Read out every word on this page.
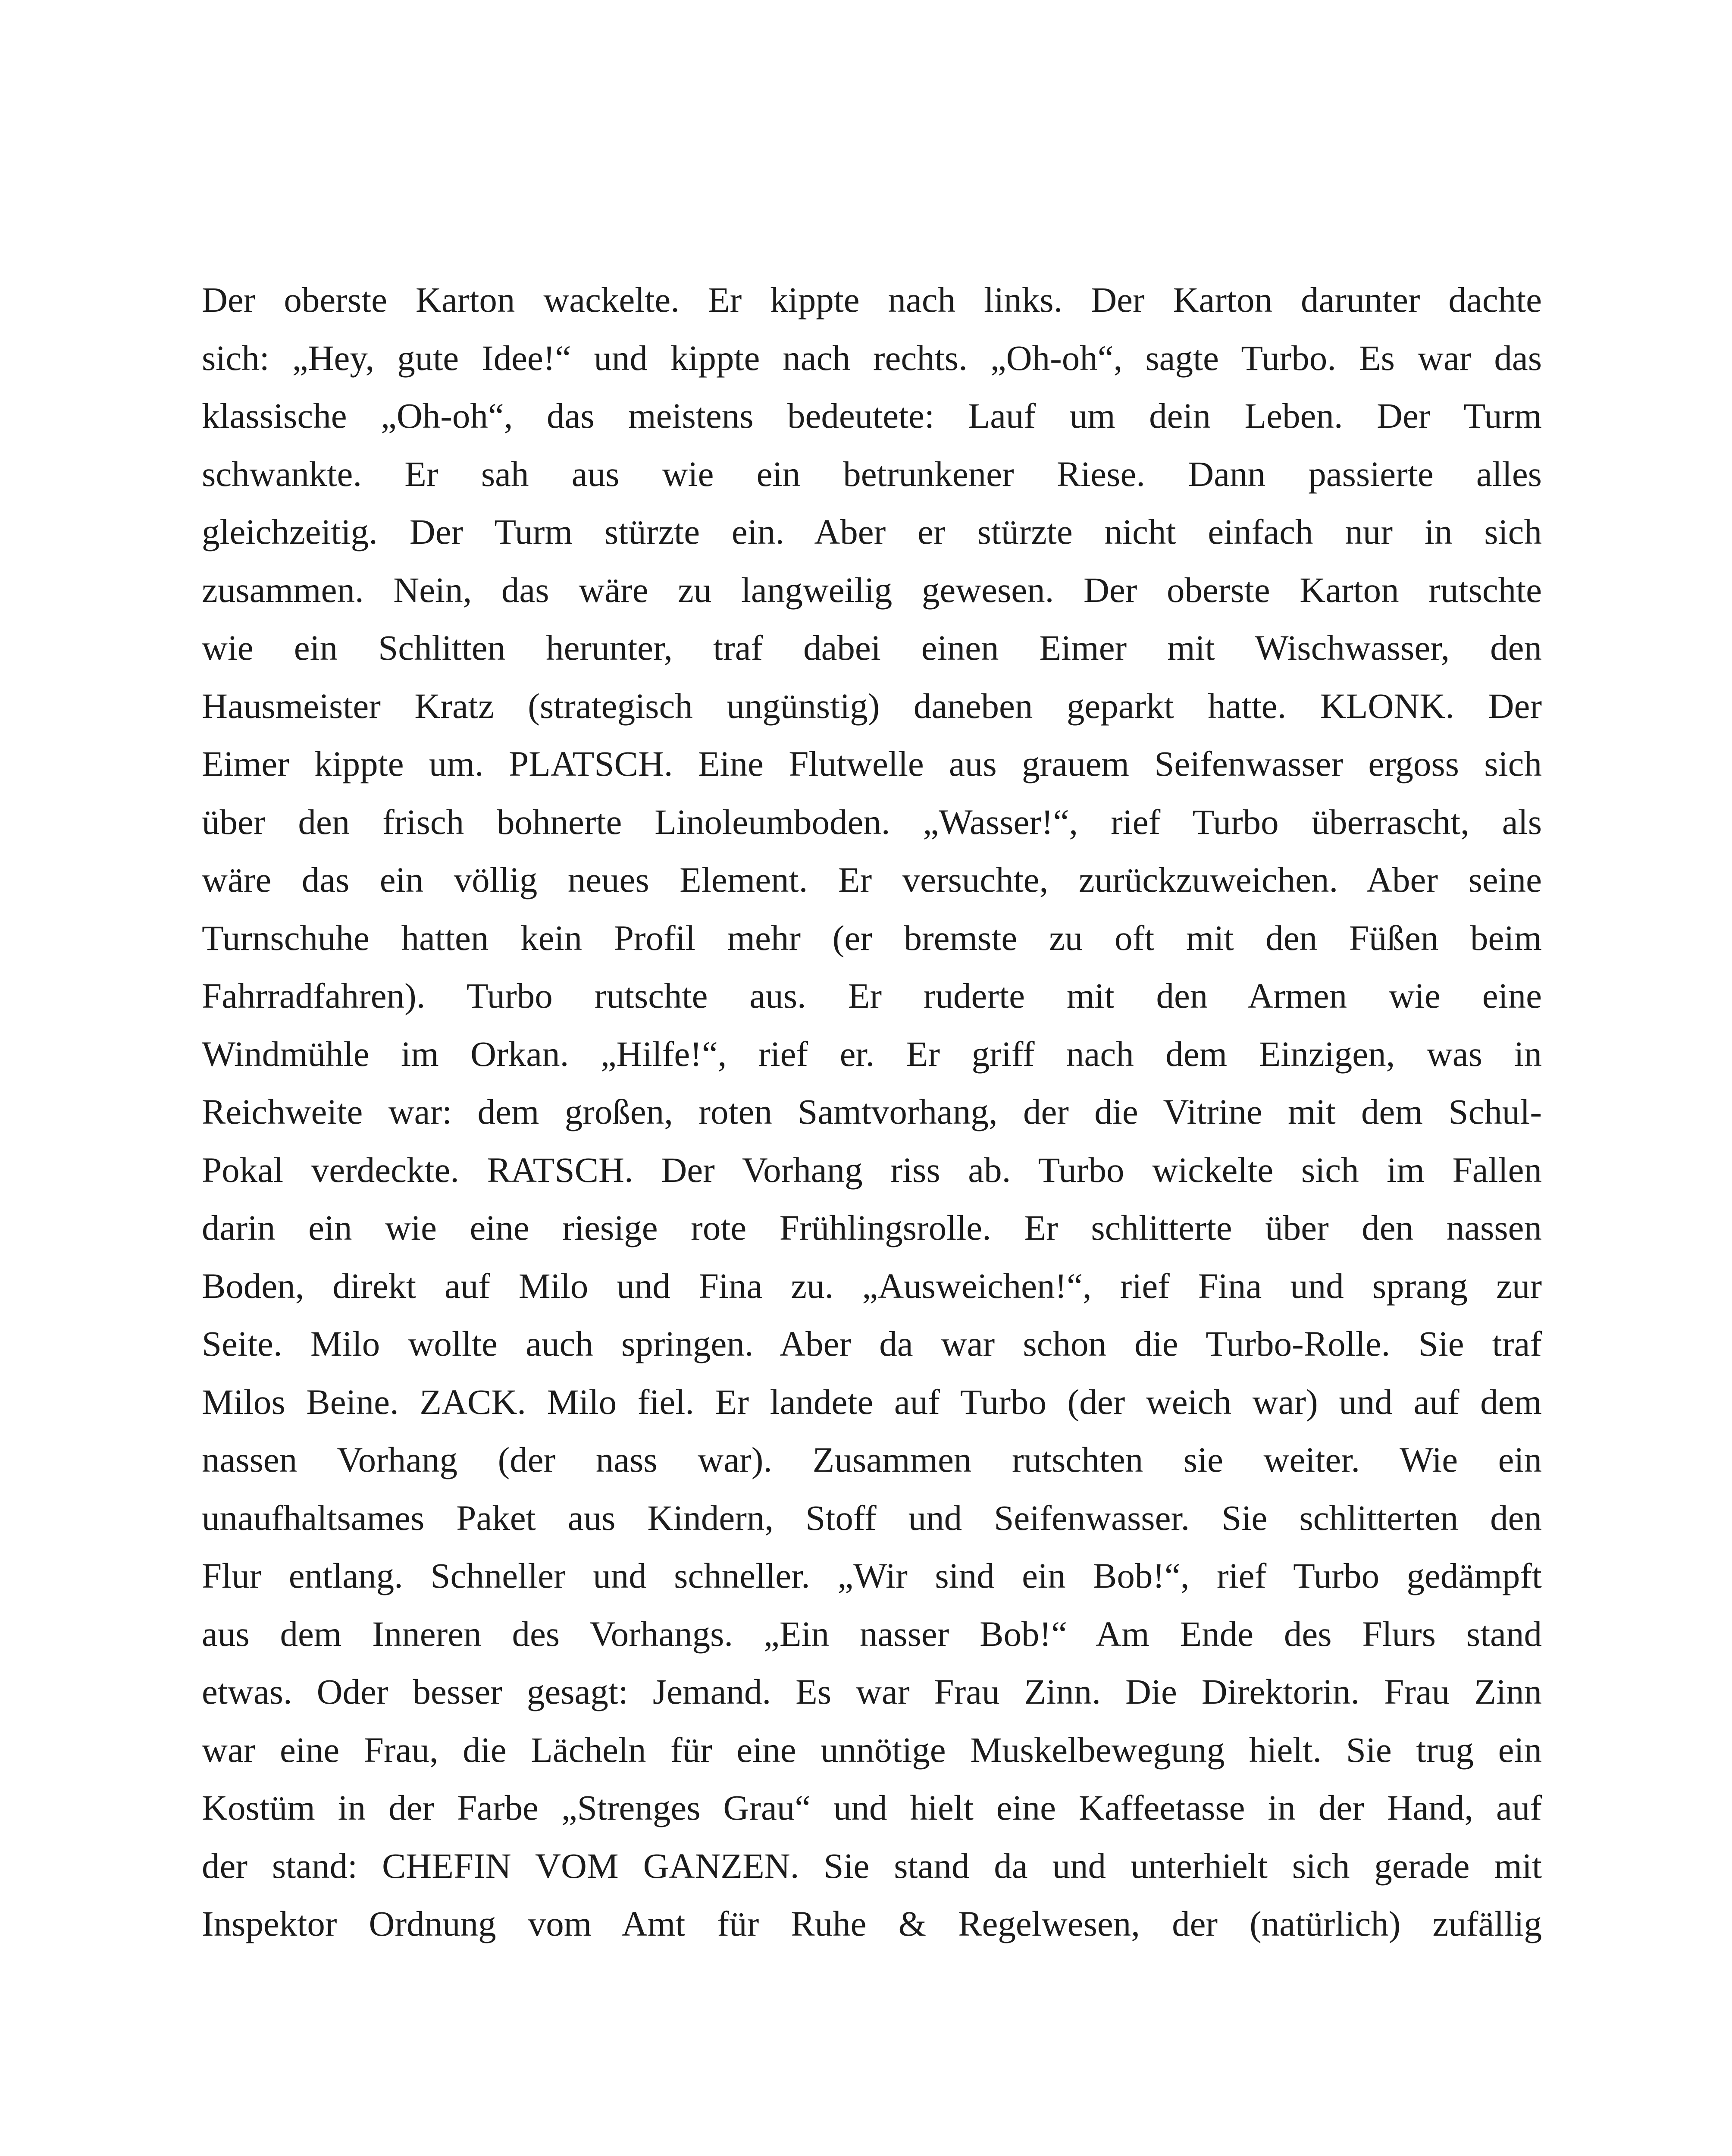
Der oberste Karton wackelte. Er kippte nach links. Der Karton darunter dachte
sich: „Hey, gute Idee!“ und kippte nach rechts. „Oh-oh“, sagte Turbo. Es war das
klassische „Oh-oh“, das meistens bedeutete: Lauf um dein Leben. Der Turm
schwankte. Er sah aus wie ein betrunkener Riese. Dann passierte alles
gleichzeitig. Der Turm stürzte ein. Aber er stürzte nicht einfach nur in sich
zusammen. Nein, das wäre zu langweilig gewesen. Der oberste Karton rutschte
wie ein Schlitten herunter, traf dabei einen Eimer mit Wischwasser, den
Hausmeister Kratz (strategisch ungünstig) daneben geparkt hatte. KLONK. Der
Eimer kippte um. PLATSCH. Eine Flutwelle aus grauem Seifenwasser ergoss sich
über den frisch bohnerte Linoleumboden. „Wasser!“, rief Turbo überrascht, als
wäre das ein völlig neues Element. Er versuchte, zurückzuweichen. Aber seine
Turnschuhe hatten kein Profil mehr (er bremste zu oft mit den Füßen beim
Fahrradfahren). Turbo rutschte aus. Er ruderte mit den Armen wie eine
Windmühle im Orkan. „Hilfe!“, rief er. Er griff nach dem Einzigen, was in
Reichweite war: dem großen, roten Samtvorhang, der die Vitrine mit dem Schul-
Pokal verdeckte. RATSCH. Der Vorhang riss ab. Turbo wickelte sich im Fallen
darin ein wie eine riesige rote Frühlingsrolle. Er schlitterte über den nassen
Boden, direkt auf Milo und Fina zu. „Ausweichen!“, rief Fina und sprang zur
Seite. Milo wollte auch springen. Aber da war schon die Turbo-Rolle. Sie traf
Milos Beine. ZACK. Milo fiel. Er landete auf Turbo (der weich war) und auf dem
nassen Vorhang (der nass war). Zusammen rutschten sie weiter. Wie ein
unaufhaltsames Paket aus Kindern, Stoff und Seifenwasser. Sie schlitterten den
Flur entlang. Schneller und schneller. „Wir sind ein Bob!“, rief Turbo gedämpft
aus dem Inneren des Vorhangs. „Ein nasser Bob!“ Am Ende des Flurs stand
etwas. Oder besser gesagt: Jemand. Es war Frau Zinn. Die Direktorin. Frau Zinn
war eine Frau, die Lächeln für eine unnötige Muskelbewegung hielt. Sie trug ein
Kostüm in der Farbe „Strenges Grau“ und hielt eine Kaffeetasse in der Hand, auf
der stand: CHEFIN VOM GANZEN. Sie stand da und unterhielt sich gerade mit
Inspektor Ordnung vom Amt für Ruhe & Regelwesen, der (natürlich) zufällig
